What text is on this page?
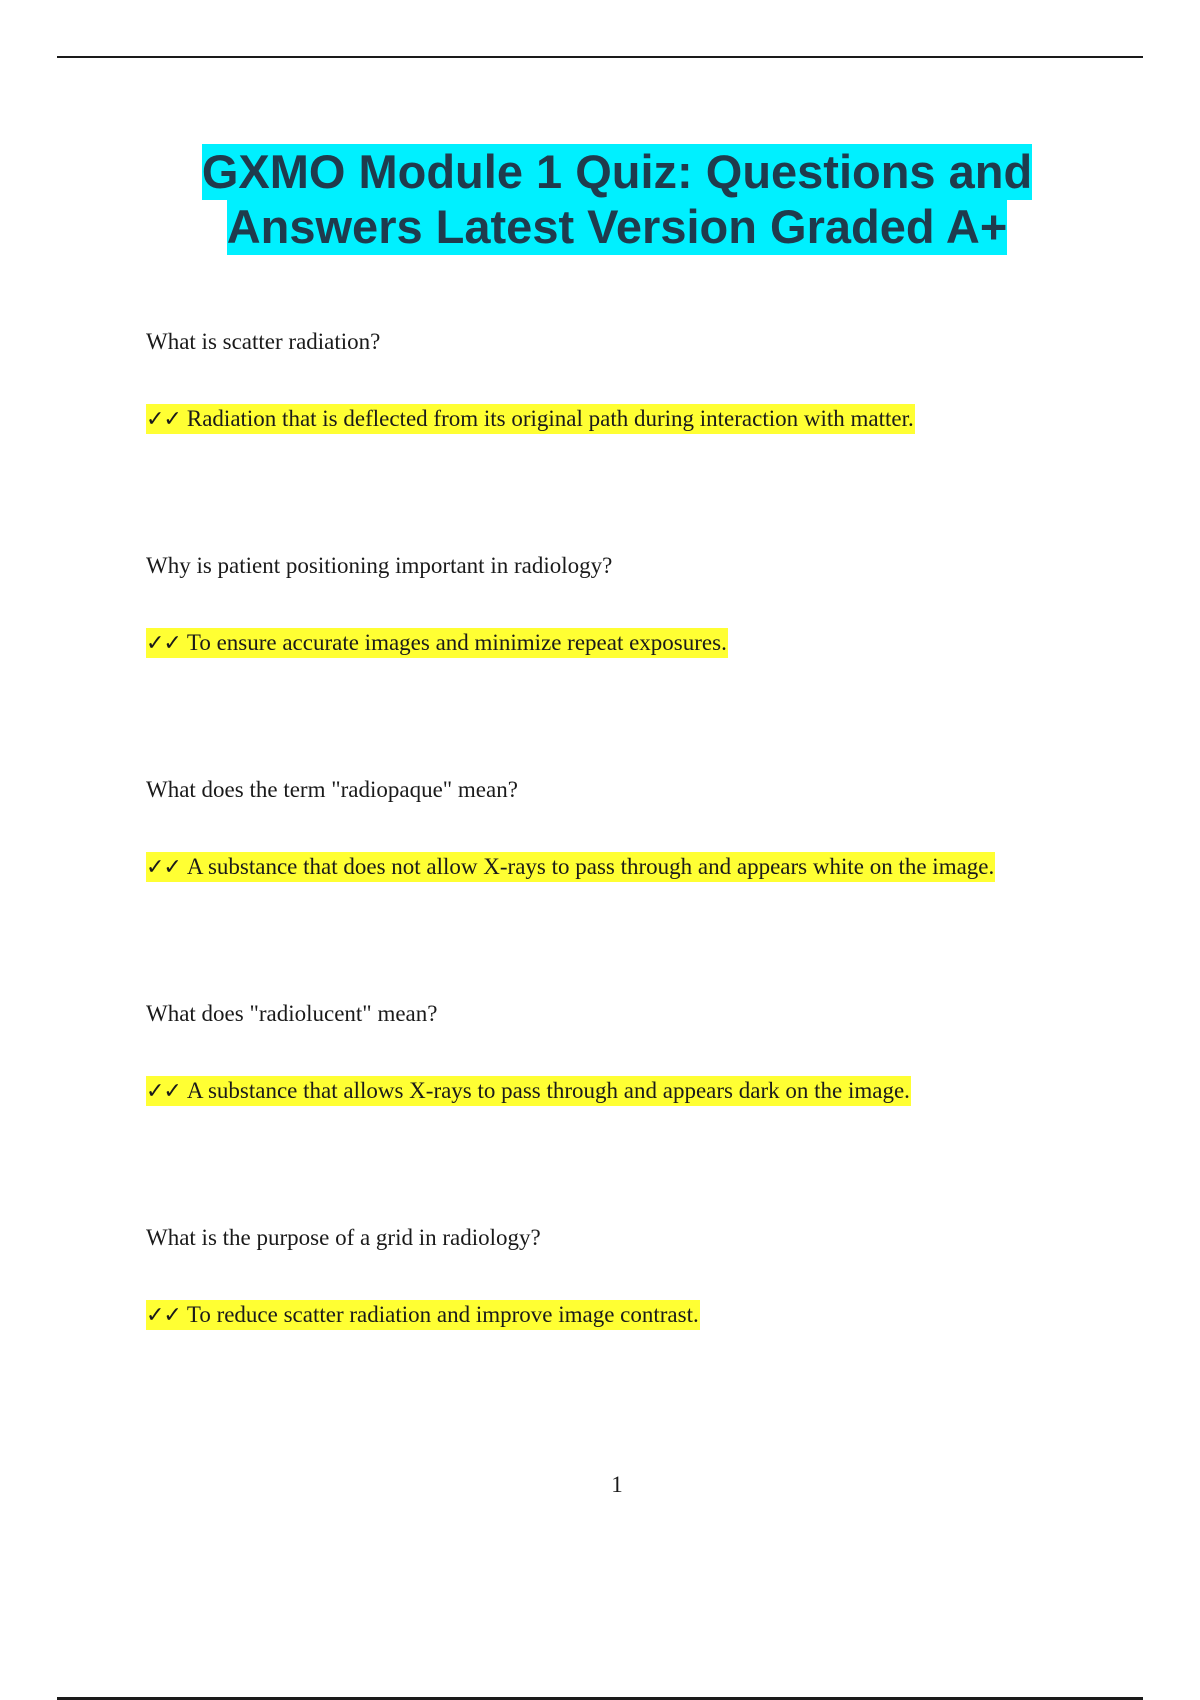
GXMO Module 1 Quiz: Questions and
Answers Latest Version Graded A+

What is scatter radiation?

✓✓ Radiation that is deflected from its original path during interaction with matter.

Why is patient positioning important in radiology?

✓✓ To ensure accurate images and minimize repeat exposures.

What does the term "radiopaque" mean?

✓✓ A substance that does not allow X-rays to pass through and appears white on the image.

What does "radiolucent" mean?

✓✓ A substance that allows X-rays to pass through and appears dark on the image.

What is the purpose of a grid in radiology?

✓✓ To reduce scatter radiation and improve image contrast.

1
